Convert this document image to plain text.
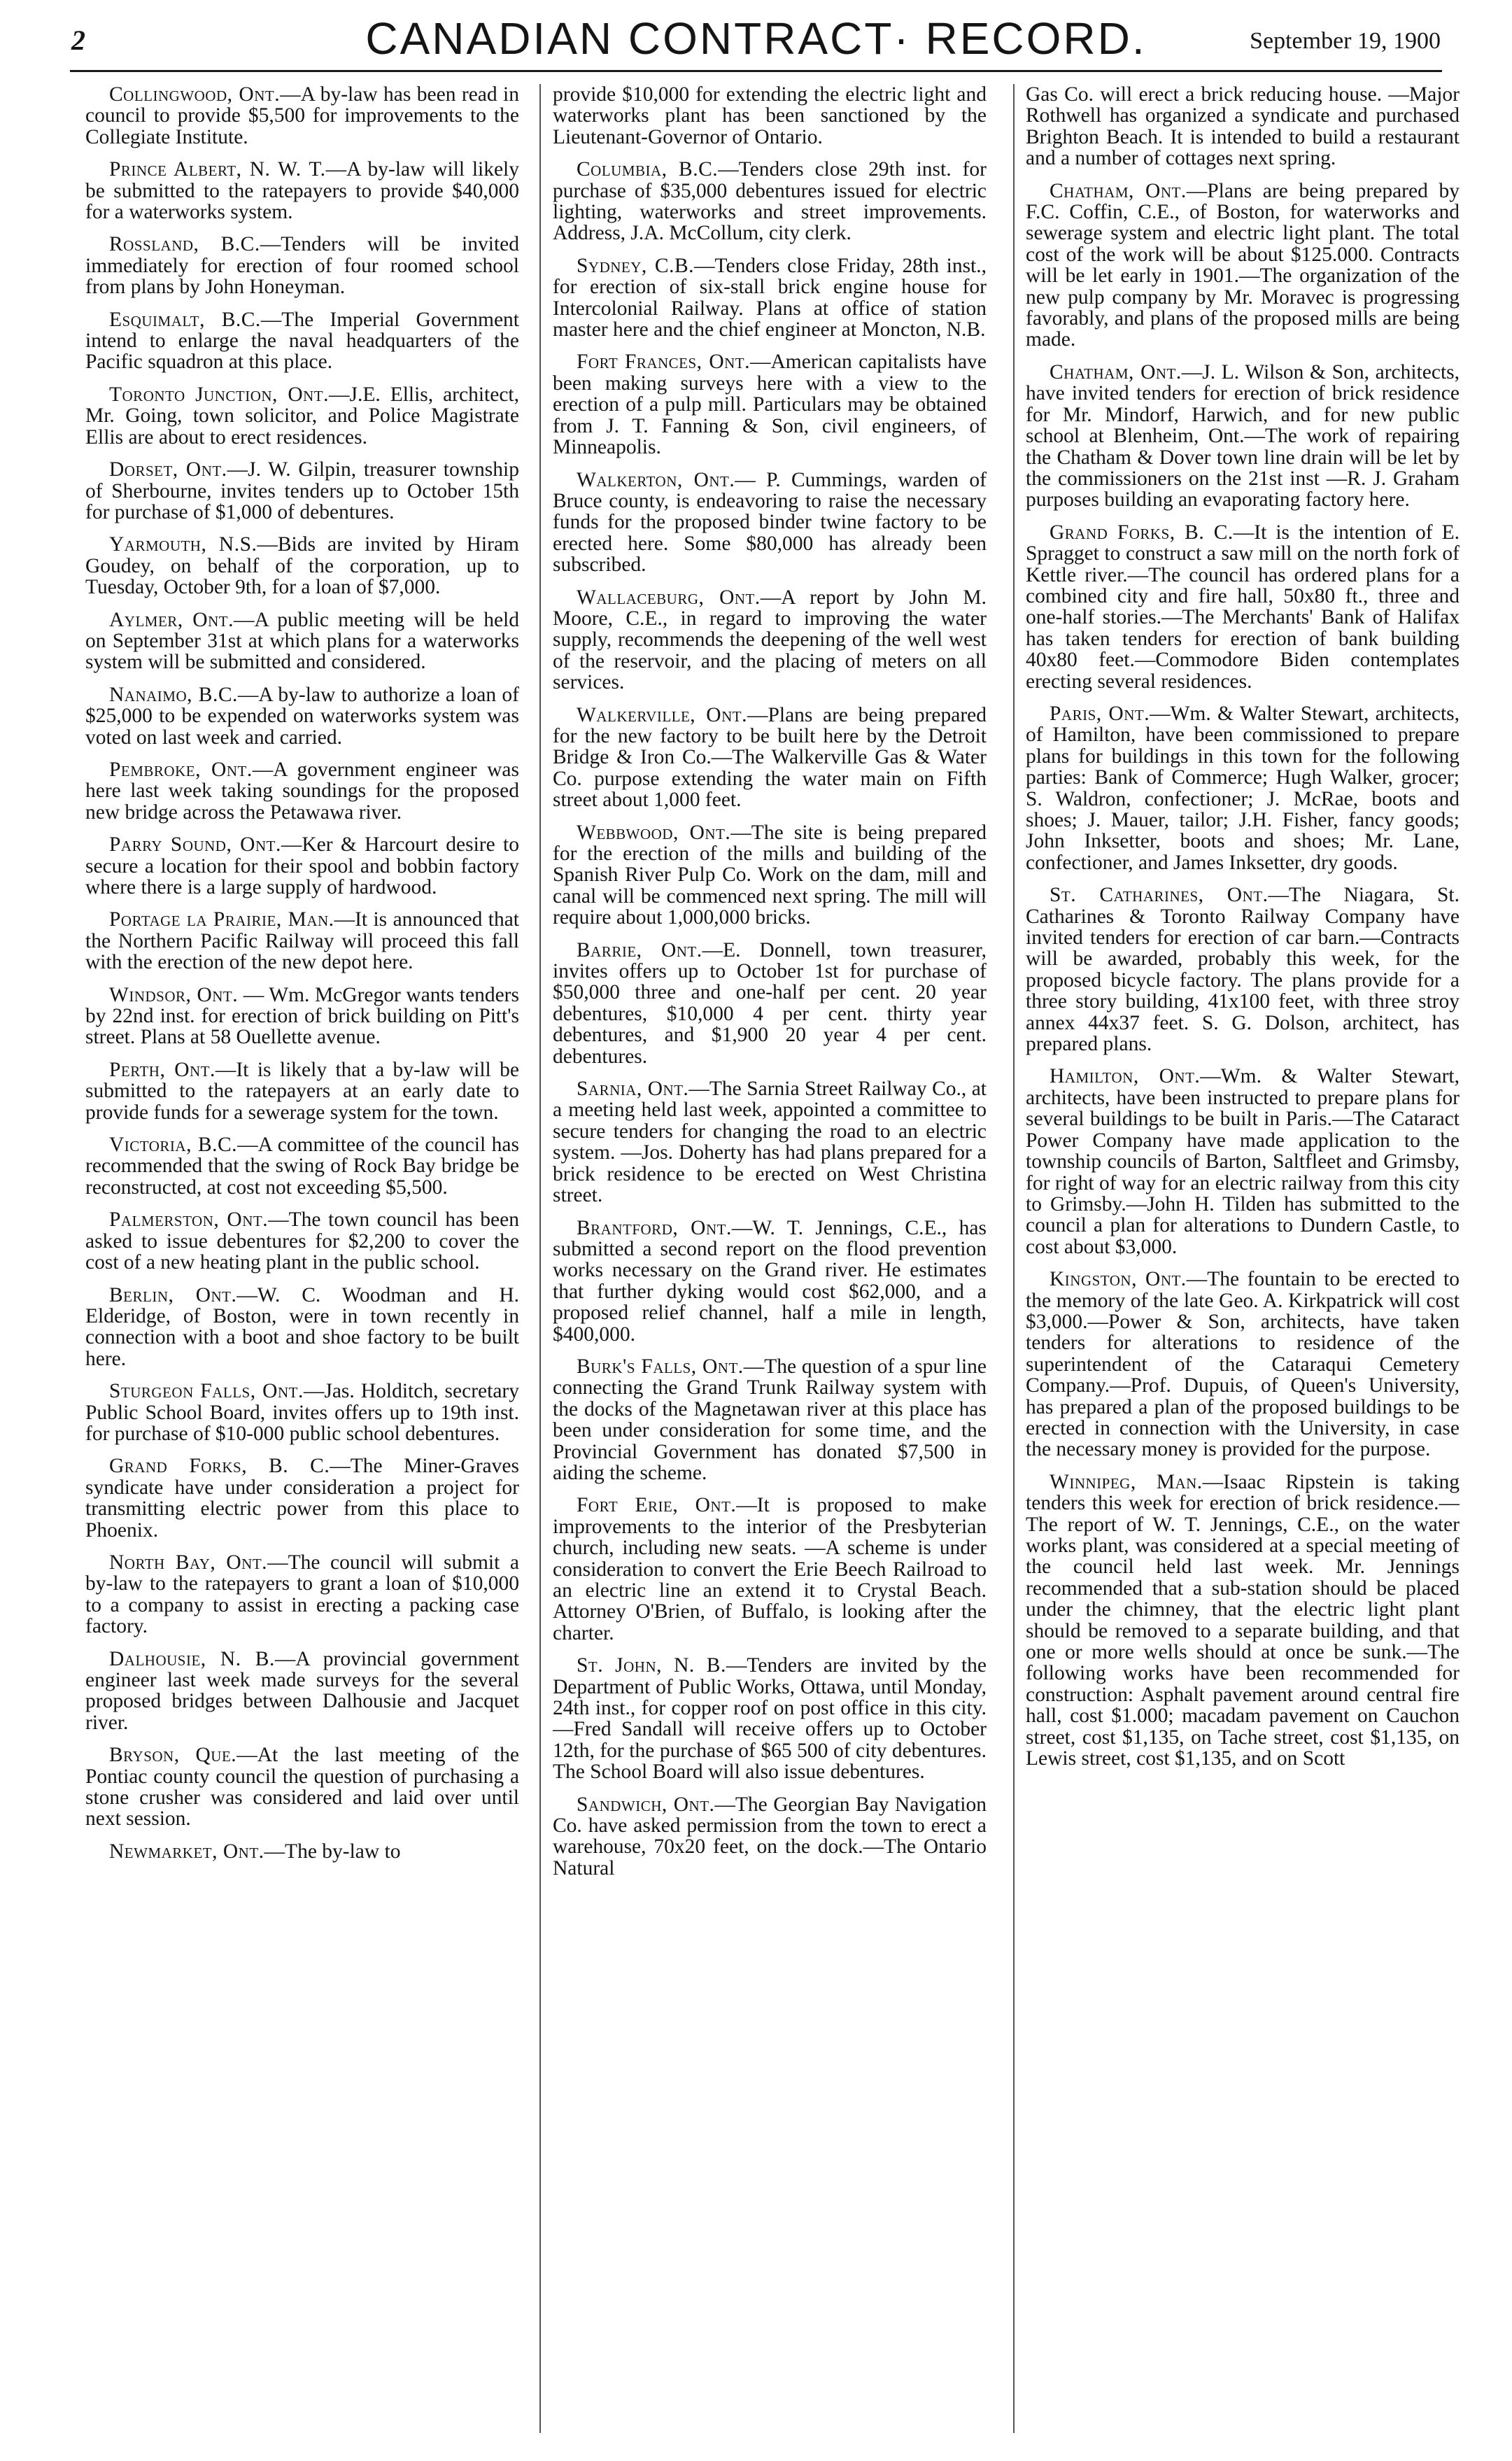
2	CANADIAN CONTRACT· RECORD.	September 19, 1900

Collingwood, Ont.—A by-law has been read in council to provide $5,500 for improvements to the Collegiate Institute.

Prince Albert, N. W. T.—A by-law will likely be submitted to the ratepayers to provide $40,000 for a waterworks system.

Rossland, B.C.—Tenders will be invited immediately for erection of four roomed school from plans by John Honeyman.

Esquimalt, B.C.—The Imperial Government intend to enlarge the naval headquarters of the Pacific squadron at this place.

Toronto Junction, Ont.—J.E. Ellis, architect, Mr. Going, town solicitor, and Police Magistrate Ellis are about to erect residences.

Dorset, Ont.—J. W. Gilpin, treasurer township of Sherbourne, invites tenders up to October 15th for purchase of $1,000 of debentures.

Yarmouth, N.S.—Bids are invited by Hiram Goudey, on behalf of the corporation, up to Tuesday, October 9th, for a loan of $7,000.

Aylmer, Ont.—A public meeting will be held on September 31st at which plans for a waterworks system will be submitted and considered.

Nanaimo, B.C.—A by-law to authorize a loan of $25,000 to be expended on waterworks system was voted on last week and carried.

Pembroke, Ont.—A government engineer was here last week taking soundings for the proposed new bridge across the Petawawa river.

Parry Sound, Ont.—Ker & Harcourt desire to secure a location for their spool and bobbin factory where there is a large supply of hardwood.

Portage la Prairie, Man.—It is announced that the Northern Pacific Railway will proceed this fall with the erection of the new depot here.

Windsor, Ont. — Wm. McGregor wants tenders by 22nd inst. for erection of brick building on Pitt's street. Plans at 58 Ouellette avenue.

Perth, Ont.—It is likely that a by-law will be submitted to the ratepayers at an early date to provide funds for a sewerage system for the town.

Victoria, B.C.—A committee of the council has recommended that the swing of Rock Bay bridge be reconstructed, at cost not exceeding $5,500.

Palmerston, Ont.—The town council has been asked to issue debentures for $2,200 to cover the cost of a new heating plant in the public school.

Berlin, Ont.—W. C. Woodman and H. Elderidge, of Boston, were in town recently in connection with a boot and shoe factory to be built here.

Sturgeon Falls, Ont.—Jas. Holditch, secretary Public School Board, invites offers up to 19th inst. for purchase of $10-000 public school debentures.

Grand Forks, B. C.—The Miner-Graves syndicate have under consideration a project for transmitting electric power from this place to Phoenix.

North Bay, Ont.—The council will submit a by-law to the ratepayers to grant a loan of $10,000 to a company to assist in erecting a packing case factory.

Dalhousie, N. B.—A provincial government engineer last week made surveys for the several proposed bridges between Dalhousie and Jacquet river.

Bryson, Que.—At the last meeting of the Pontiac county council the question of purchasing a stone crusher was considered and laid over until next session.

Newmarket, Ont.—The by-law to

provide $10,000 for extending the electric light and waterworks plant has been sanctioned by the Lieutenant-Governor of Ontario.

Columbia, B.C.—Tenders close 29th inst. for purchase of $35,000 debentures issued for electric lighting, waterworks and street improvements. Address, J.A. McCollum, city clerk.

Sydney, C.B.—Tenders close Friday, 28th inst., for erection of six-stall brick engine house for Intercolonial Railway. Plans at office of station master here and the chief engineer at Moncton, N.B.

Fort Frances, Ont.—American capitalists have been making surveys here with a view to the erection of a pulp mill. Particulars may be obtained from J. T. Fanning & Son, civil engineers, of Minneapolis.

Walkerton, Ont.— P. Cummings, warden of Bruce county, is endeavoring to raise the necessary funds for the proposed binder twine factory to be erected here. Some $80,000 has already been subscribed.

Wallaceburg, Ont.—A report by John M. Moore, C.E., in regard to improving the water supply, recommends the deepening of the well west of the reservoir, and the placing of meters on all services.

Walkerville, Ont.—Plans are being prepared for the new factory to be built here by the Detroit Bridge & Iron Co.—The Walkerville Gas & Water Co. purpose extending the water main on Fifth street about 1,000 feet.

Webbwood, Ont.—The site is being prepared for the erection of the mills and building of the Spanish River Pulp Co. Work on the dam, mill and canal will be commenced next spring. The mill will require about 1,000,000 bricks.

Barrie, Ont.—E. Donnell, town treasurer, invites offers up to October 1st for purchase of $50,000 three and one-half per cent. 20 year debentures, $10,000 4 per cent. thirty year debentures, and $1,900 20 year 4 per cent. debentures.

Sarnia, Ont.—The Sarnia Street Railway Co., at a meeting held last week, appointed a committee to secure tenders for changing the road to an electric system. —Jos. Doherty has had plans prepared for a brick residence to be erected on West Christina street.

Brantford, Ont.—W. T. Jennings, C.E., has submitted a second report on the flood prevention works necessary on the Grand river. He estimates that further dyking would cost $62,000, and a proposed relief channel, half a mile in length, $400,000.

Burk's Falls, Ont.—The question of a spur line connecting the Grand Trunk Railway system with the docks of the Magnetawan river at this place has been under consideration for some time, and the Provincial Government has donated $7,500 in aiding the scheme.

Fort Erie, Ont.—It is proposed to make improvements to the interior of the Presbyterian church, including new seats. —A scheme is under consideration to convert the Erie Beech Railroad to an electric line an extend it to Crystal Beach. Attorney O'Brien, of Buffalo, is looking after the charter.

St. John, N. B.—Tenders are invited by the Department of Public Works, Ottawa, until Monday, 24th inst., for copper roof on post office in this city.—Fred Sandall will receive offers up to October 12th, for the purchase of $65 500 of city debentures. The School Board will also issue debentures.

Sandwich, Ont.—The Georgian Bay Navigation Co. have asked permission from the town to erect a warehouse, 70x20 feet, on the dock.—The Ontario Natural

Gas Co. will erect a brick reducing house. —Major Rothwell has organized a syndicate and purchased Brighton Beach. It is intended to build a restaurant and a number of cottages next spring.

Chatham, Ont.—Plans are being prepared by F.C. Coffin, C.E., of Boston, for waterworks and sewerage system and electric light plant. The total cost of the work will be about $125.000. Contracts will be let early in 1901.—The organization of the new pulp company by Mr. Moravec is progressing favorably, and plans of the proposed mills are being made.

Chatham, Ont.—J. L. Wilson & Son, architects, have invited tenders for erection of brick residence for Mr. Mindorf, Harwich, and for new public school at Blenheim, Ont.—The work of repairing the Chatham & Dover town line drain will be let by the commissioners on the 21st inst —R. J. Graham purposes building an evaporating factory here.

Grand Forks, B. C.—It is the intention of E. Spragget to construct a saw mill on the north fork of Kettle river.—The council has ordered plans for a combined city and fire hall, 50x80 ft., three and one-half stories.—The Merchants' Bank of Halifax has taken tenders for erection of bank building 40x80 feet.—Commodore Biden contemplates erecting several residences.

Paris, Ont.—Wm. & Walter Stewart, architects, of Hamilton, have been commissioned to prepare plans for buildings in this town for the following parties: Bank of Commerce; Hugh Walker, grocer; S. Waldron, confectioner; J. McRae, boots and shoes; J. Mauer, tailor; J.H. Fisher, fancy goods; John Inksetter, boots and shoes; Mr. Lane, confectioner, and James Inksetter, dry goods.

St. Catharines, Ont.—The Niagara, St. Catharines & Toronto Railway Company have invited tenders for erection of car barn.—Contracts will be awarded, probably this week, for the proposed bicycle factory. The plans provide for a three story building, 41x100 feet, with three stroy annex 44x37 feet. S. G. Dolson, architect, has prepared plans.

Hamilton, Ont.—Wm. & Walter Stewart, architects, have been instructed to prepare plans for several buildings to be built in Paris.—The Cataract Power Company have made application to the township councils of Barton, Saltfleet and Grimsby, for right of way for an electric railway from this city to Grimsby.—John H. Tilden has submitted to the council a plan for alterations to Dundern Castle, to cost about $3,000.

Kingston, Ont.—The fountain to be erected to the memory of the late Geo. A. Kirkpatrick will cost $3,000.—Power & Son, architects, have taken tenders for alterations to residence of the superintendent of the Cataraqui Cemetery Company.—Prof. Dupuis, of Queen's University, has prepared a plan of the proposed buildings to be erected in connection with the University, in case the necessary money is provided for the purpose.

Winnipeg, Man.—Isaac Ripstein is taking tenders this week for erection of brick residence.—The report of W. T. Jennings, C.E., on the water works plant, was considered at a special meeting of the council held last week. Mr. Jennings recommended that a sub-station should be placed under the chimney, that the electric light plant should be removed to a separate building, and that one or more wells should at once be sunk.—The following works have been recommended for construction: Asphalt pavement around central fire hall, cost $1.000; macadam pavement on Cauchon street, cost $1,135, on Tache street, cost $1,135, on Lewis street, cost $1,135, and on Scott
